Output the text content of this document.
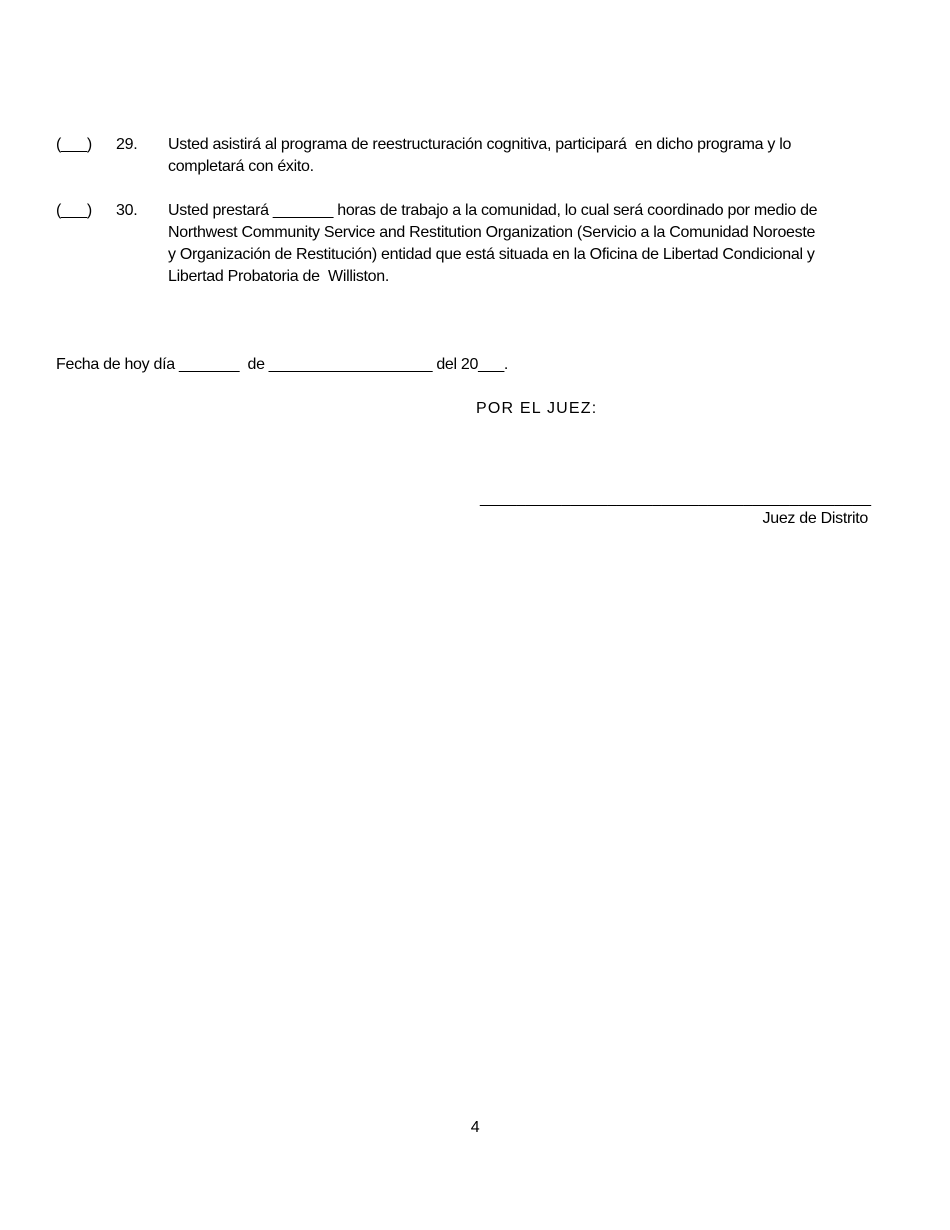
(___) 29. Usted asistirá al programa de reestructuración cognitiva, participará  en dicho programa y lo
completará con éxito.
(___) 30. Usted prestará _______ horas de trabajo a la comunidad, lo cual será coordinado por medio de
Northwest Community Service and Restitution Organization (Servicio a la Comunidad Noroeste
y Organización de Restitución) entidad que está situada en la Oficina de Libertad Condicional y
Libertad Probatoria de  Williston.
Fecha de hoy día _______  de ___________________ del 20___.
POR EL JUEZ:
___________________________________________
Juez de Distrito
4
